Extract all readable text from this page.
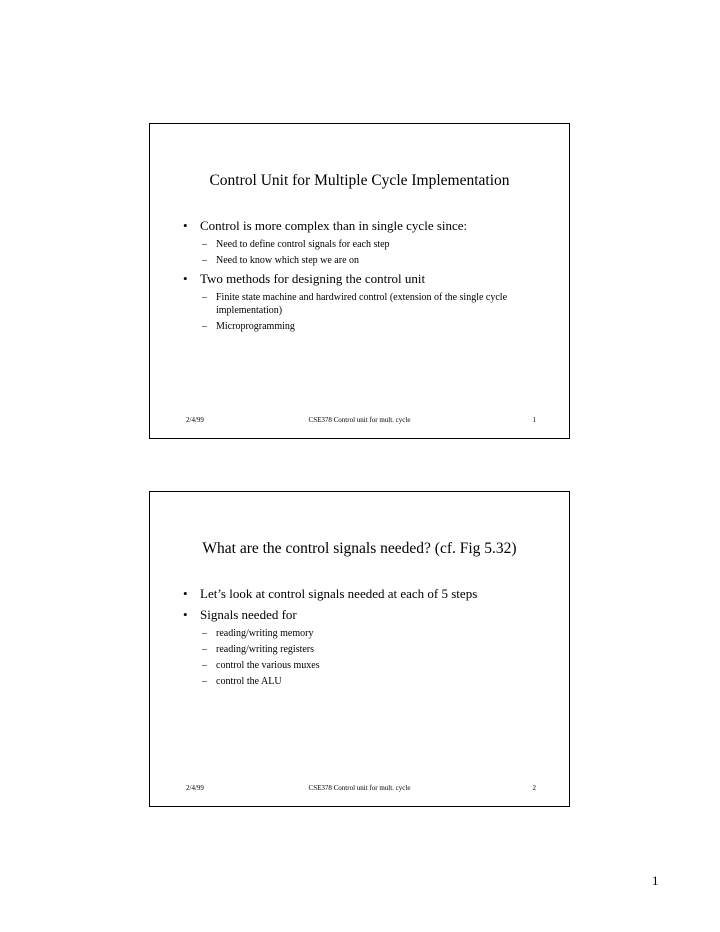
Control Unit for Multiple Cycle Implementation
• Control is more complex than in single cycle since:
– Need to define control signals for each step
– Need to know which step we are on
• Two methods for designing the control unit
– Finite state machine and hardwired control (extension of the single cycle implementation)
– Microprogramming
2/4/99	CSE378 Control unit for mult. cycle	1
What are the control signals needed? (cf. Fig 5.32)
• Let’s look at control signals needed at each of 5 steps
• Signals needed for
– reading/writing memory
– reading/writing registers
– control the various muxes
– control the ALU
2/4/99	CSE378 Control unit for mult. cycle	2
1
